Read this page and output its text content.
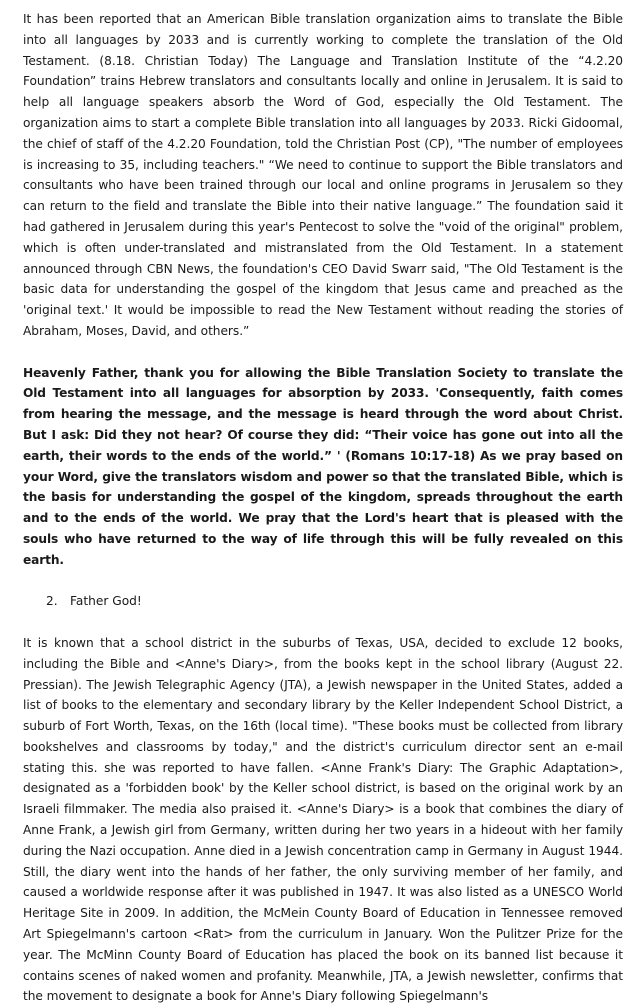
It has been reported that an American Bible translation organization aims to translate the Bible into all languages by 2033 and is currently working to complete the translation of the Old Testament. (8.18. Christian Today) The Language and Translation Institute of the “4.2.20 Foundation” trains Hebrew translators and consultants locally and online in Jerusalem. It is said to help all language speakers absorb the Word of God, especially the Old Testament. The organization aims to start a complete Bible translation into all languages by 2033. Ricki Gidoomal, the chief of staff of the 4.2.20 Foundation, told the Christian Post (CP), "The number of employees is increasing to 35, including teachers." “We need to continue to support the Bible translators and consultants who have been trained through our local and online programs in Jerusalem so they can return to the field and translate the Bible into their native language.” The foundation said it had gathered in Jerusalem during this year's Pentecost to solve the "void of the original" problem, which is often under-translated and mistranslated from the Old Testament. In a statement announced through CBN News, the foundation's CEO David Swarr said, "The Old Testament is the basic data for understanding the gospel of the kingdom that Jesus came and preached as the 'original text.' It would be impossible to read the New Testament without reading the stories of Abraham, Moses, David, and others.”

Heavenly Father, thank you for allowing the Bible Translation Society to translate the Old Testament into all languages for absorption by 2033. 'Consequently, faith comes from hearing the message, and the message is heard through the word about Christ. But I ask: Did they not hear? Of course they did: “Their voice has gone out into all the earth, their words to the ends of the world.” ' (Romans 10:17-18) As we pray based on your Word, give the translators wisdom and power so that the translated Bible, which is the basis for understanding the gospel of the kingdom, spreads throughout the earth and to the ends of the world. We pray that the Lord's heart that is pleased with the souls who have returned to the way of life through this will be fully revealed on this earth.

2.	Father God!

It is known that a school district in the suburbs of Texas, USA, decided to exclude 12 books, including the Bible and <Anne's Diary>, from the books kept in the school library (August 22. Pressian). The Jewish Telegraphic Agency (JTA), a Jewish newspaper in the United States, added a list of books to the elementary and secondary library by the Keller Independent School District, a suburb of Fort Worth, Texas, on the 16th (local time). "These books must be collected from library bookshelves and classrooms by today," and the district's curriculum director sent an e-mail stating this. she was reported to have fallen. <Anne Frank's Diary: The Graphic Adaptation>, designated as a 'forbidden book' by the Keller school district, is based on the original work by an Israeli filmmaker. The media also praised it. <Anne's Diary> is a book that combines the diary of Anne Frank, a Jewish girl from Germany, written during her two years in a hideout with her family during the Nazi occupation. Anne died in a Jewish concentration camp in Germany in August 1944. Still, the diary went into the hands of her father, the only surviving member of her family, and caused a worldwide response after it was published in 1947. It was also listed as a UNESCO World Heritage Site in 2009. In addition, the McMein County Board of Education in Tennessee removed Art Spiegelmann's cartoon <Rat> from the curriculum in January. Won the Pulitzer Prize for the year. The McMinn County Board of Education has placed the book on its banned list because it contains scenes of naked women and profanity. Meanwhile, JTA, a Jewish newsletter, confirms that the movement to designate a book for Anne's Diary following Spiegelmann's
